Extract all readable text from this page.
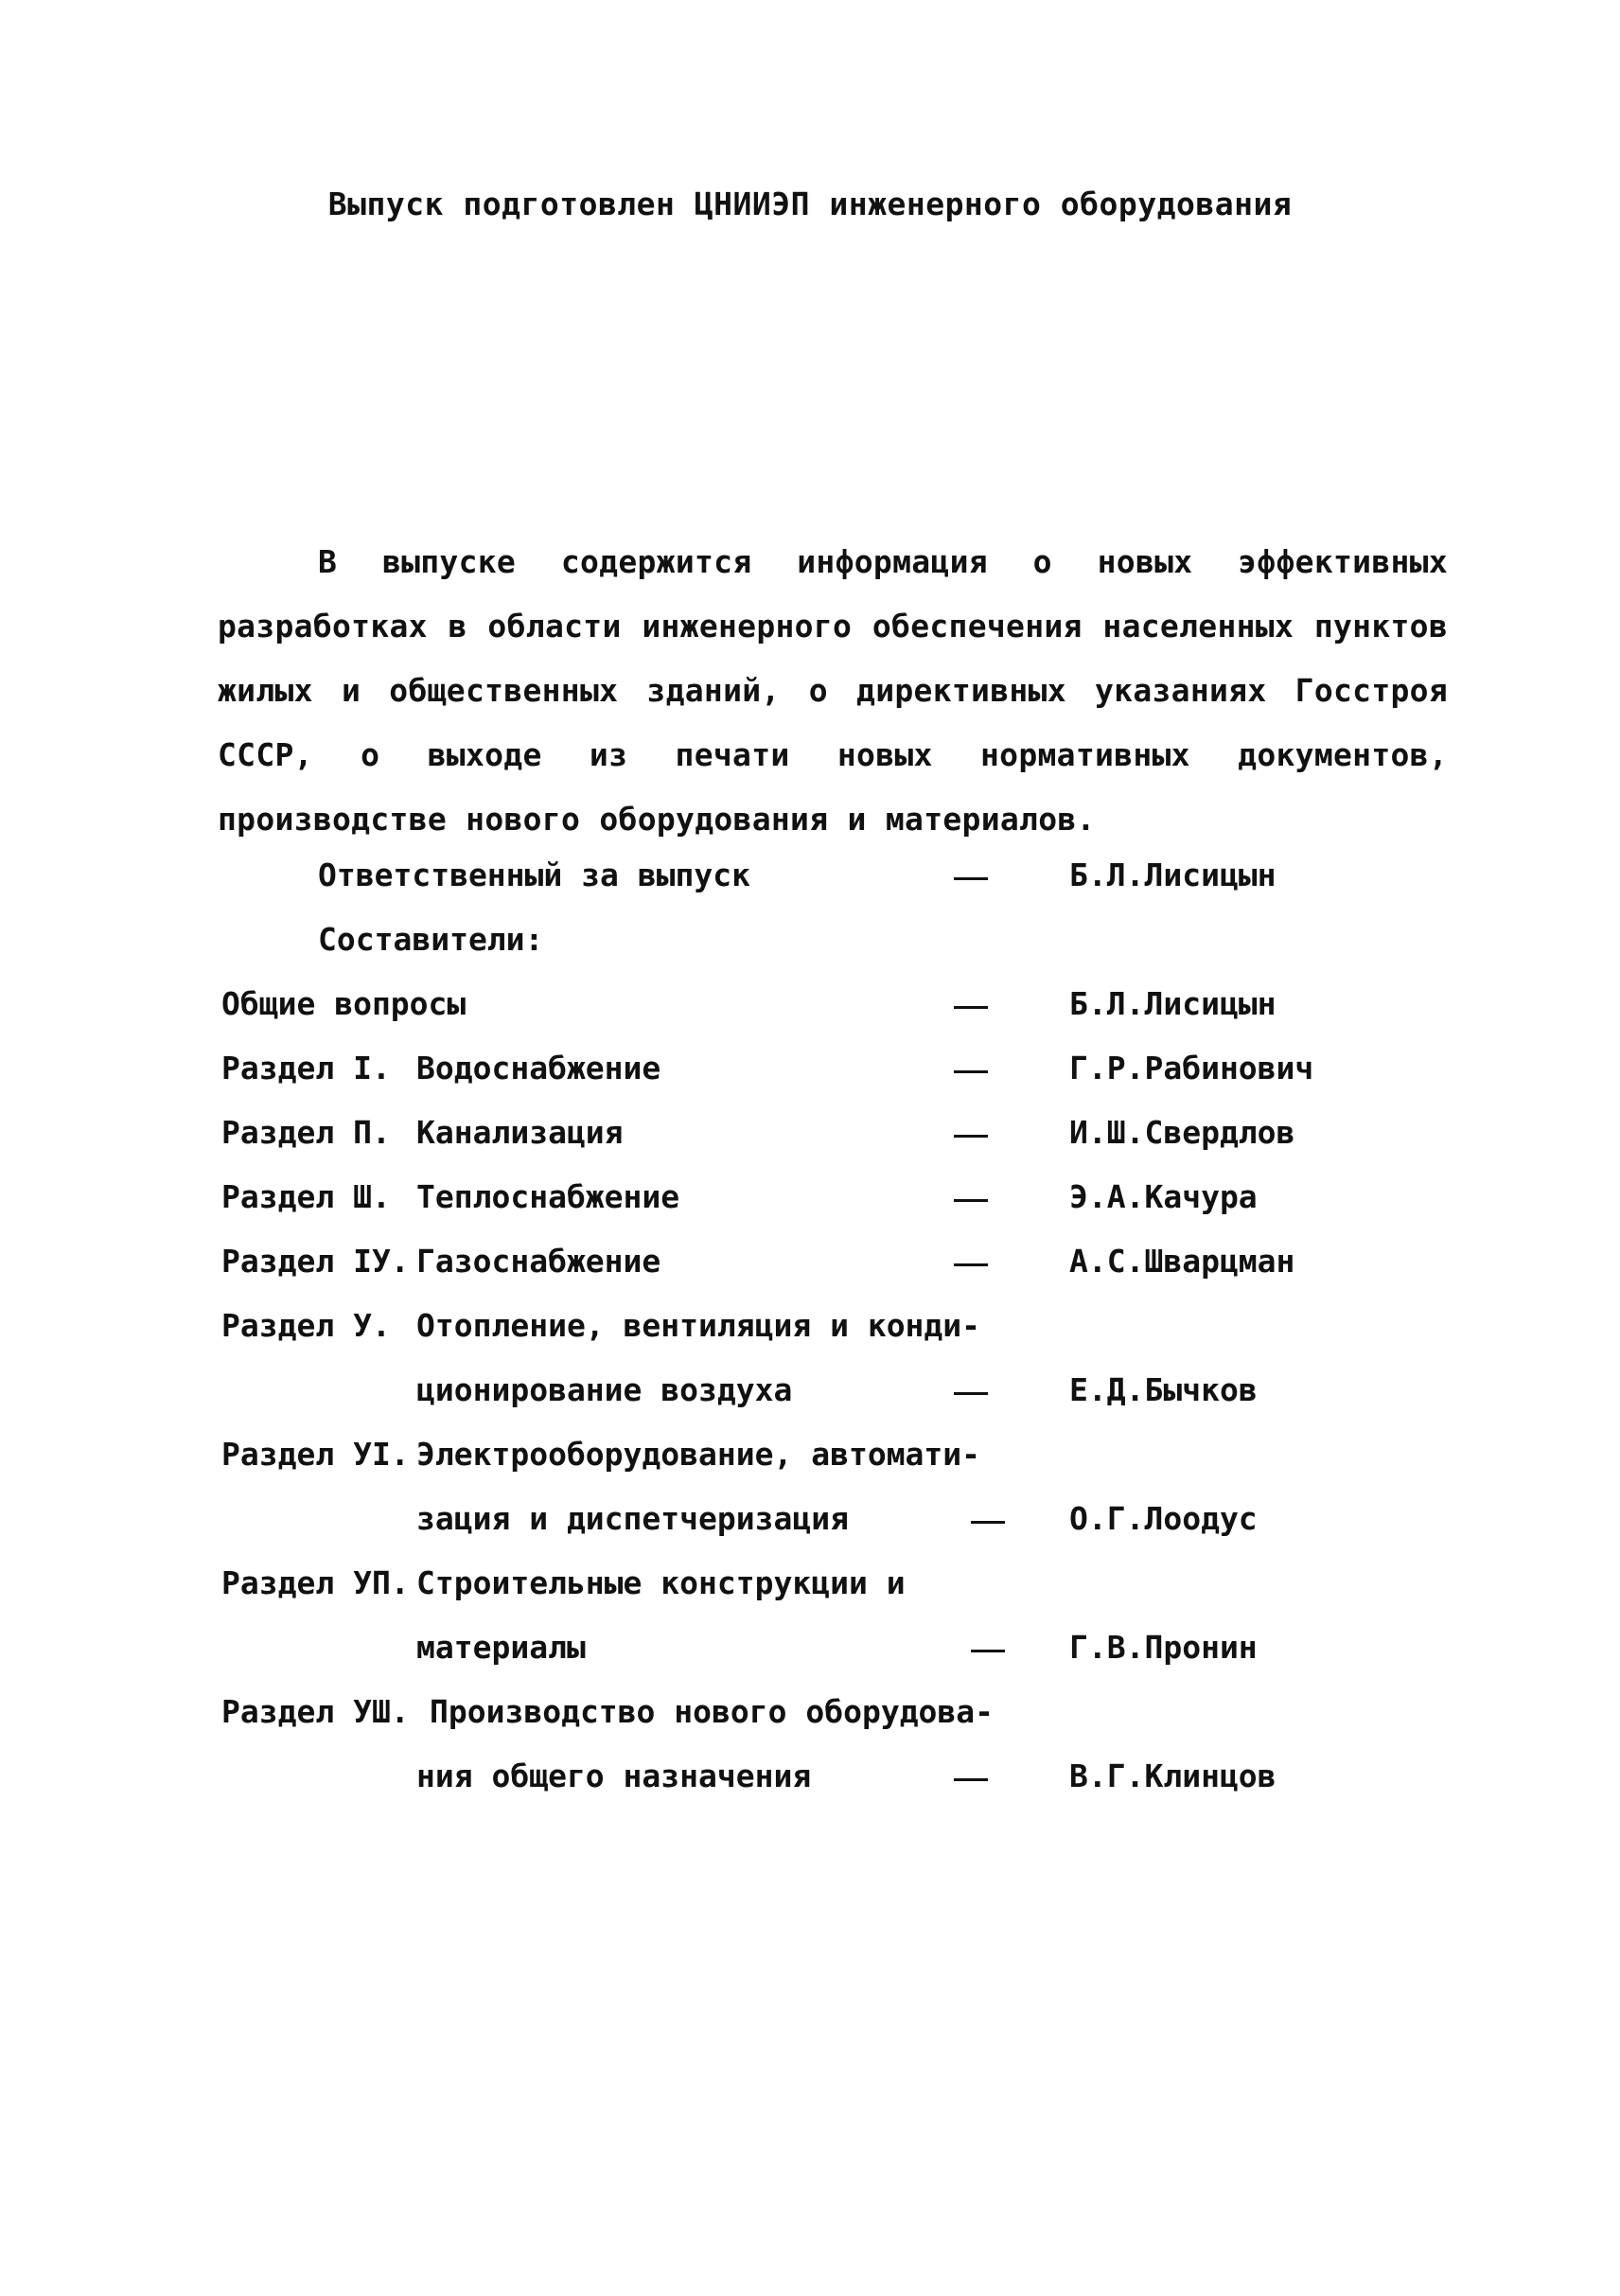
Выпуск подготовлен ЦНИИЭП инженерного оборудования
В выпуске содержится информация о новых эффективных разработках в области инженерного обеспечения населенных пунктов жилых и общественных зданий, о директивных указаниях Госстроя СССР, о выходе из печати новых нормативных документов, производстве нового оборудования и материалов.
Ответственный за выпуск	Б.Л.Лисицын
Составители:
Общие вопросы	Б.Л.Лисицын
Раздел I. Водоснабжение	Г.Р.Рабинович
Раздел П. Канализация	И.Ш.Свердлов
Раздел Ш. Теплоснабжение	Э.А.Качура
Раздел IУ. Газоснабжение	А.С.Шварцман
Раздел У. Отопление, вентиляция и конди-
ционирование воздуха	Е.Д.Бычков
Раздел УI. Электрооборудование, автомати-
зация и диспетчеризация	О.Г.Лоодус
Раздел УП. Строительные конструкции и
материалы	Г.В.Пронин
Раздел УШ. Производство нового оборудова-
ния общего назначения	В.Г.Клинцов
